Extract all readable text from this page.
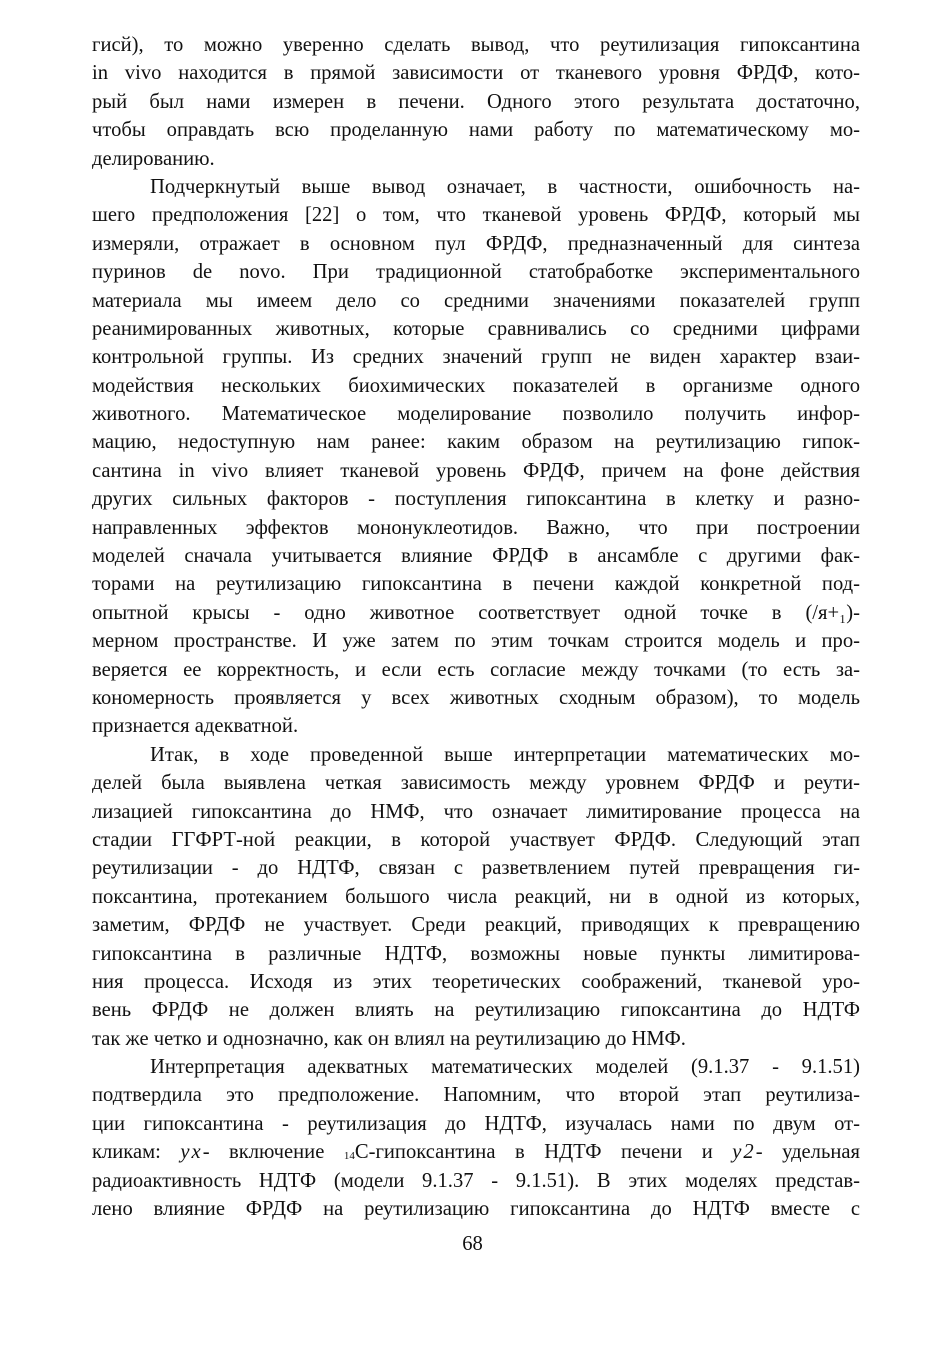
гисй), то можно уверенно сделать вывод, что реутилизация гипоксантина
in vivo находится в прямой зависимости от тканевого уровня ФРДФ, кото-
рый был нами измерен в печени. Одного этого результата достаточно,
чтобы оправдать всю проделанную нами работу по математическому мо-
делированию.
Подчеркнутый выше вывод означает, в частности, ошибочность на-
шего предположения [22] о том, что тканевой уровень ФРДФ, который мы
измеряли, отражает в основном пул ФРДФ, предназначенный для синтеза
пуринов de novo. При традиционной статобработке экспериментального
материала мы имеем дело со средними значениями показателей групп
реанимированных животных, которые сравнивались со средними цифрами
контрольной группы. Из средних значений групп не виден характер взаи-
модействия нескольких биохимических показателей в организме одного
животного. Математическое моделирование позволило получить инфор-
мацию, недоступную нам ранее: каким образом на реутилизацию гипок-
сантина in vivo влияет тканевой уровень ФРДФ, причем на фоне действия
других сильных факторов - поступления гипоксантина в клетку и разно-
направленных эффектов мононуклеотидов. Важно, что при построении
моделей сначала учитывается влияние ФРДФ в ансамбле с другими фак-
торами на реутилизацию гипоксантина в печени каждой конкретной под-
опытной крысы - одно животное соответствует одной точке в (/я+₁)-
мерном пространстве. И уже затем по этим точкам строится модель и про-
веряется ее корректность, и если есть согласие между точками (то есть за-
кономерность проявляется у всех животных сходным образом), то модель
признается адекватной.
Итак, в ходе проведенной выше интерпретации математических мо-
делей была выявлена четкая зависимость между уровнем ФРДФ и реути-
лизацией гипоксантина до НМФ, что означает лимитирование процесса на
стадии ГГФРТ-ной реакции, в которой участвует ФРДФ. Следующий этап
реутилизации - до НДТФ, связан с разветвлением путей превращения ги-
поксантина, протеканием большого числа реакций, ни в одной из которых,
заметим, ФРДФ не участвует. Среди реакций, приводящих к превращению
гипоксантина в различные НДТФ, возможны новые пункты лимитирова-
ния процесса. Исходя из этих теоретических соображений, тканевой уро-
вень ФРДФ не должен влиять на реутилизацию гипоксантина до НДТФ
так же четко и однозначно, как он влиял на реутилизацию до НМФ.
Интерпретация адекватных математических моделей (9.1.37 - 9.1.51)
подтвердила это предположение. Напомним, что второй этап реутилиза-
ции гипоксантина - реутилизация до НДТФ, изучалась нами по двум от-
кликам: yx- включение 14С-гипоксантина в НДТФ печени и y2- удельная
радиоактивность НДТФ (модели 9.1.37 - 9.1.51). В этих моделях представ-
лено влияние ФРДФ на реутилизацию гипоксантина до НДТФ вместе с
68
